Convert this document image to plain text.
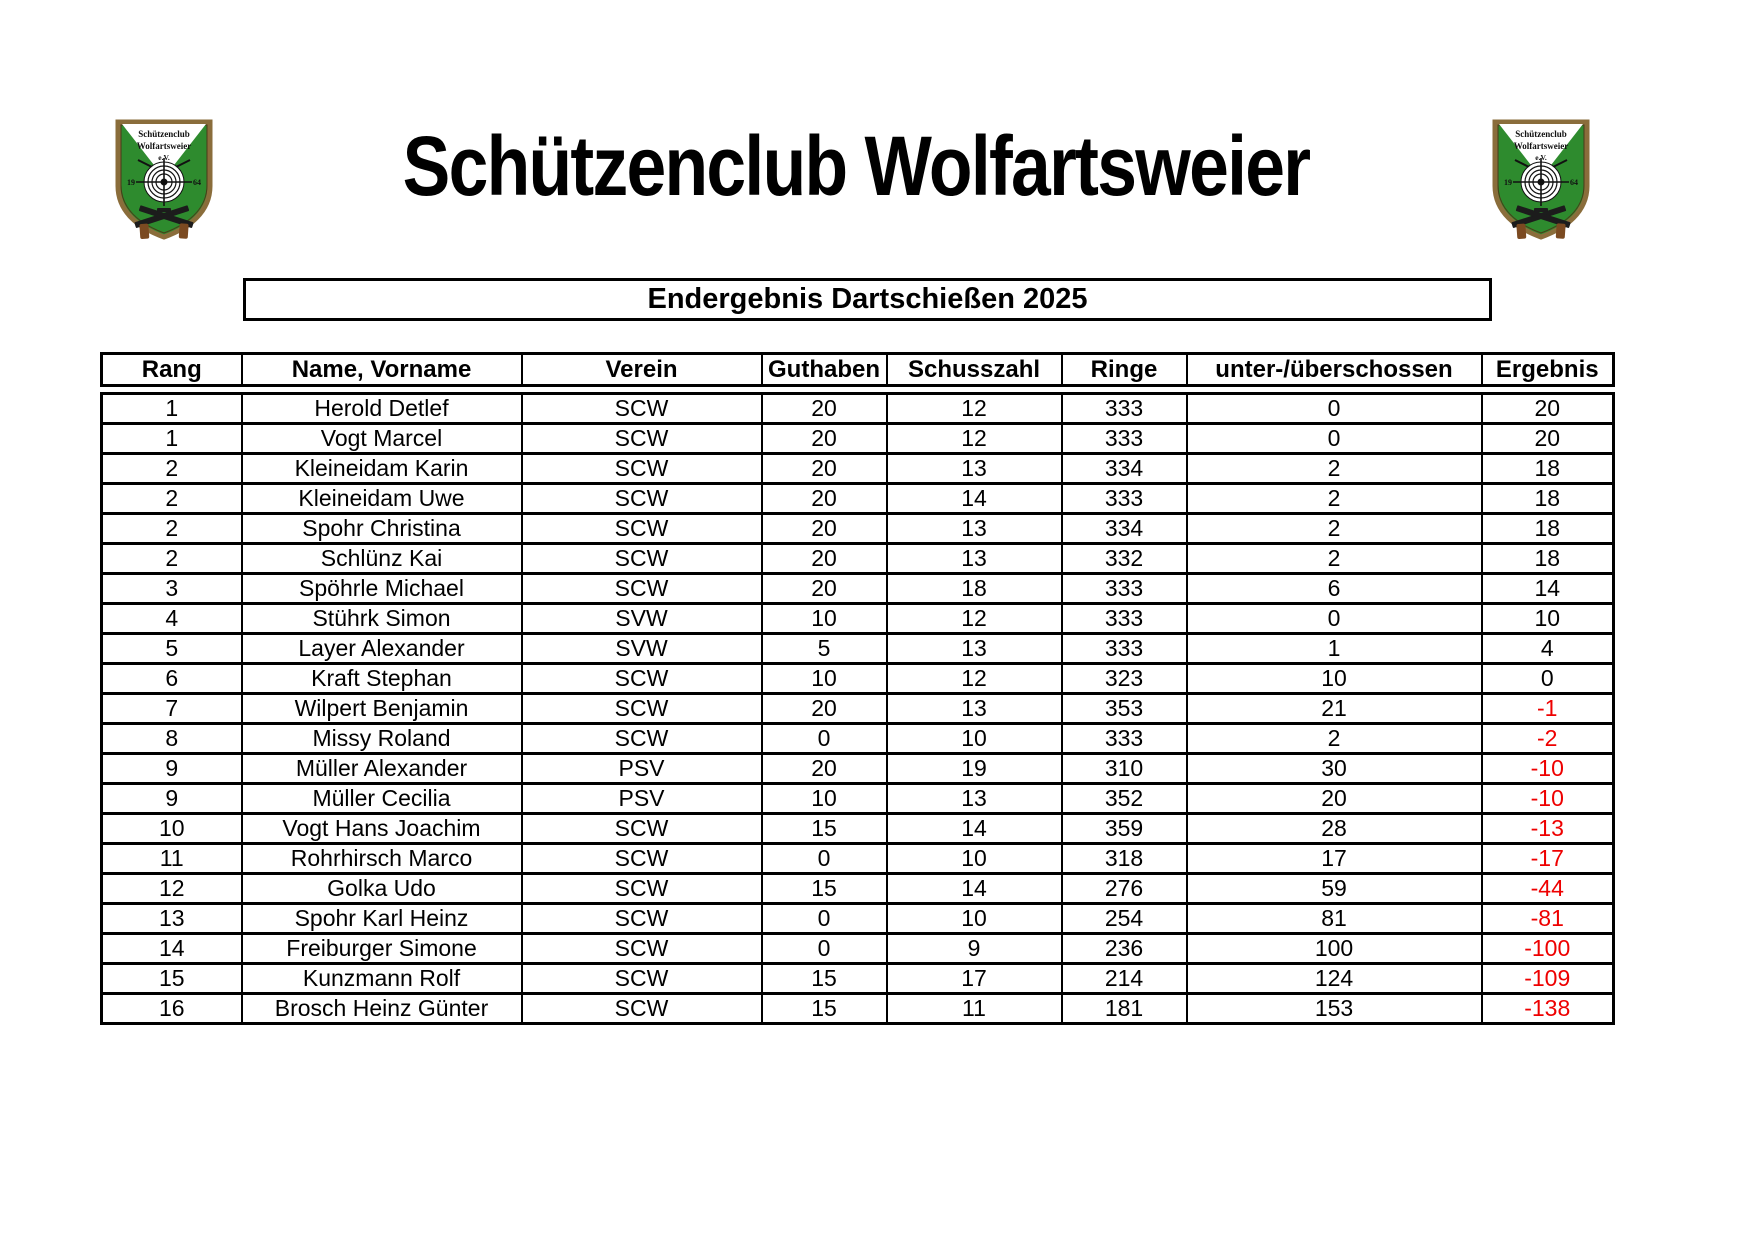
Schützenclub
Wolfartsweier
e.V.
19	64
Schützenclub
Wolfartsweier
e.V.
19	64
Schützenclub Wolfartsweier
Endergebnis Dartschießen 2025
Rang	Name, Vorname	Verein	Guthaben	Schusszahl	Ringe	unter-/überschossen	Ergebnis
1	Herold Detlef	SCW	20	12	333	0	20
1	Vogt Marcel	SCW	20	12	333	0	20
2	Kleineidam Karin	SCW	20	13	334	2	18
2	Kleineidam Uwe	SCW	20	14	333	2	18
2	Spohr Christina	SCW	20	13	334	2	18
2	Schlünz Kai	SCW	20	13	332	2	18
3	Spöhrle Michael	SCW	20	18	333	6	14
4	Stührk Simon	SVW	10	12	333	0	10
5	Layer Alexander	SVW	5	13	333	1	4
6	Kraft Stephan	SCW	10	12	323	10	0
7	Wilpert Benjamin	SCW	20	13	353	21	-1
8	Missy Roland	SCW	0	10	333	2	-2
9	Müller Alexander	PSV	20	19	310	30	-10
9	Müller Cecilia	PSV	10	13	352	20	-10
10	Vogt Hans Joachim	SCW	15	14	359	28	-13
11	Rohrhirsch Marco	SCW	0	10	318	17	-17
12	Golka Udo	SCW	15	14	276	59	-44
13	Spohr Karl Heinz	SCW	0	10	254	81	-81
14	Freiburger Simone	SCW	0	9	236	100	-100
15	Kunzmann Rolf	SCW	15	17	214	124	-109
16	Brosch Heinz Günter	SCW	15	11	181	153	-138
